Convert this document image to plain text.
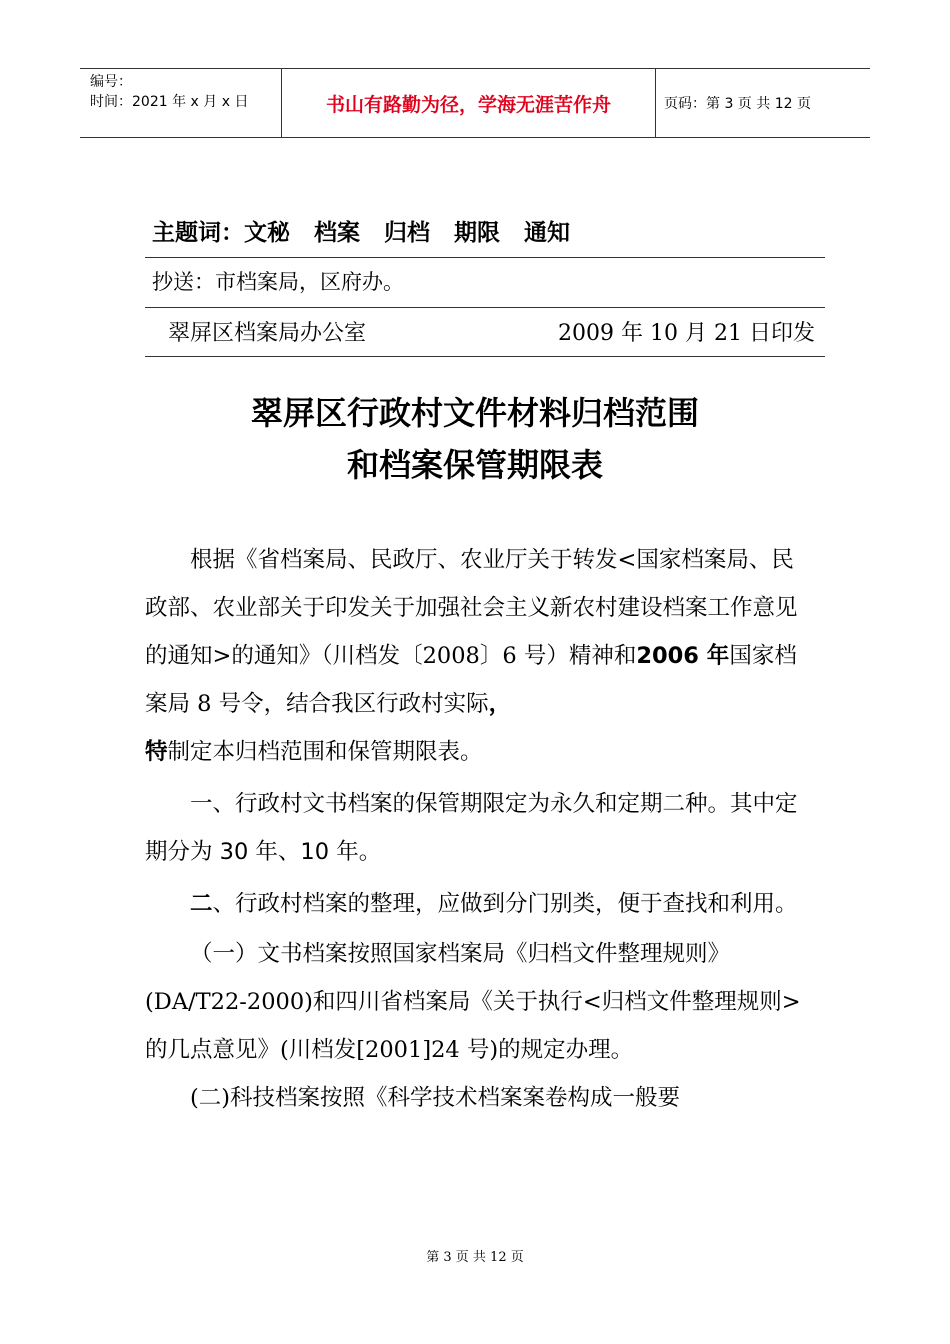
编号：
时间：2021 年 x 月 x 日	书山有路勤为径，学海无涯苦作舟	页码：第 3 页 共 12 页
主题词：文秘 档案 归档 期限 通知
抄送：市档案局，区府办。
翠屏区档案局办公室	2009 年 10 月 21 日印发
翠屏区行政村文件材料归档范围
和档案保管期限表

根据《省档案局、民政厅、农业厅关于转发<国家档案局、民政部、农业部关于印发关于加强社会主义新农村建设档案工作意见的通知>的通知》（川档发〔2008〕6 号）精神和2006 年国家档案局 8 号令，结合我区行政村实际，
特制定本归档范围和保管期限表。

一、行政村文书档案的保管期限定为永久和定期二种。其中定期分为 30 年、10 年。

二、行政村档案的整理，应做到分门别类，便于查找和利用。

（一）文书档案按照国家档案局《归档文件整理规则》(DA/T22-2000)和四川省档案局《关于执行<归档文件整理规则>的几点意见》(川档发[2001]24 号)的规定办理。

(二)科技档案按照《科学技术档案案卷构成一般要

第 3 页 共 12 页
